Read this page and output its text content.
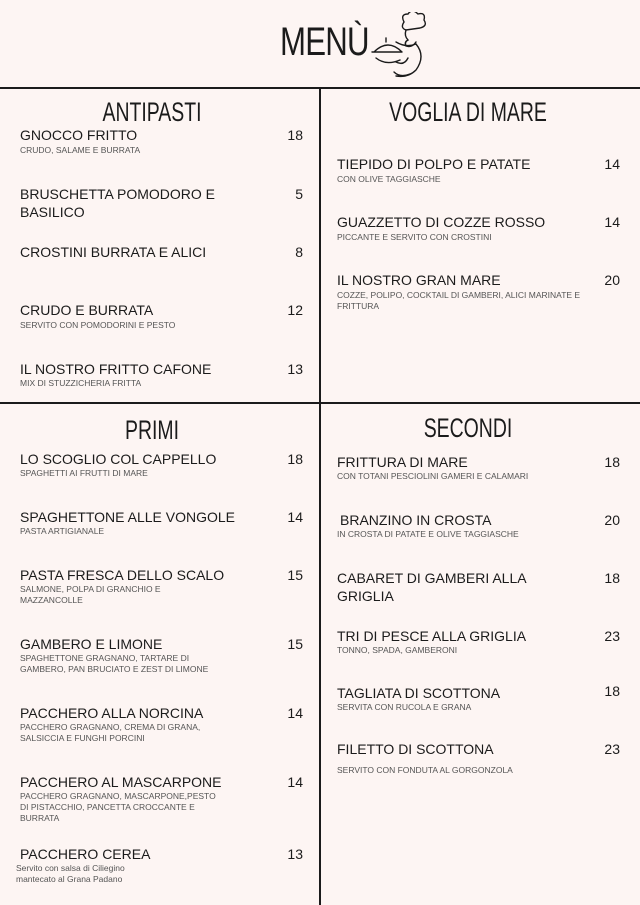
MENÙ
ANTIPASTI	VOGLIA DI MARE
PRIMI	SECONDI
GNOCCO FRITTO
CRUDO, SALAME E BURRATA
18
BRUSCHETTA POMODORO E BASILICO
5
CROSTINI BURRATA E ALICI	8
CRUDO E BURRATA
SERVITO CON POMODORINI E PESTO
12
IL NOSTRO FRITTO CAFONE
MIX DI STUZZICHERIA FRITTA
13
TIEPIDO DI POLPO E PATATE
CON OLIVE TAGGIASCHE
14
GUAZZETTO DI COZZE ROSSO
PICCANTE E SERVITO CON CROSTINI
14
IL NOSTRO GRAN MARE
COZZE, POLIPO, COCKTAIL DI GAMBERI, ALICI MARINATE E FRITTURA
20
LO SCOGLIO COL CAPPELLO
SPAGHETTI AI FRUTTI DI MARE
18
SPAGHETTONE ALLE VONGOLE
PASTA ARTIGIANALE
14
PASTA FRESCA DELLO SCALO
SALMONE, POLPA DI GRANCHIO E MAZZANCOLLE
15
GAMBERO E LIMONE
SPAGHETTONE GRAGNANO, TARTARE DI GAMBERO, PAN BRUCIATO E ZEST DI LIMONE
15
PACCHERO ALLA NORCINA
PACCHERO GRAGNANO, CREMA DI GRANA, SALSICCIA E FUNGHI PORCINI
14
PACCHERO AL MASCARPONE
PACCHERO GRAGNANO, MASCARPONE,PESTO DI PISTACCHIO, PANCETTA CROCCANTE E BURRATA
14
PACCHERO CEREA
Servito con salsa di Ciliegino mantecato al Grana Padano
13
FRITTURA DI MARE
CON TOTANI PESCIOLINI GAMERI E CALAMARI
18
BRANZINO IN CROSTA
IN CROSTA DI PATATE E OLIVE TAGGIASCHE
20
CABARET DI GAMBERI ALLA GRIGLIA
18
TRI DI PESCE ALLA GRIGLIA
TONNO, SPADA, GAMBERONI
23
TAGLIATA DI SCOTTONA
SERVITA CON RUCOLA E GRANA
18
FILETTO DI SCOTTONA
SERVITO CON FONDUTA AL GORGONZOLA
23
